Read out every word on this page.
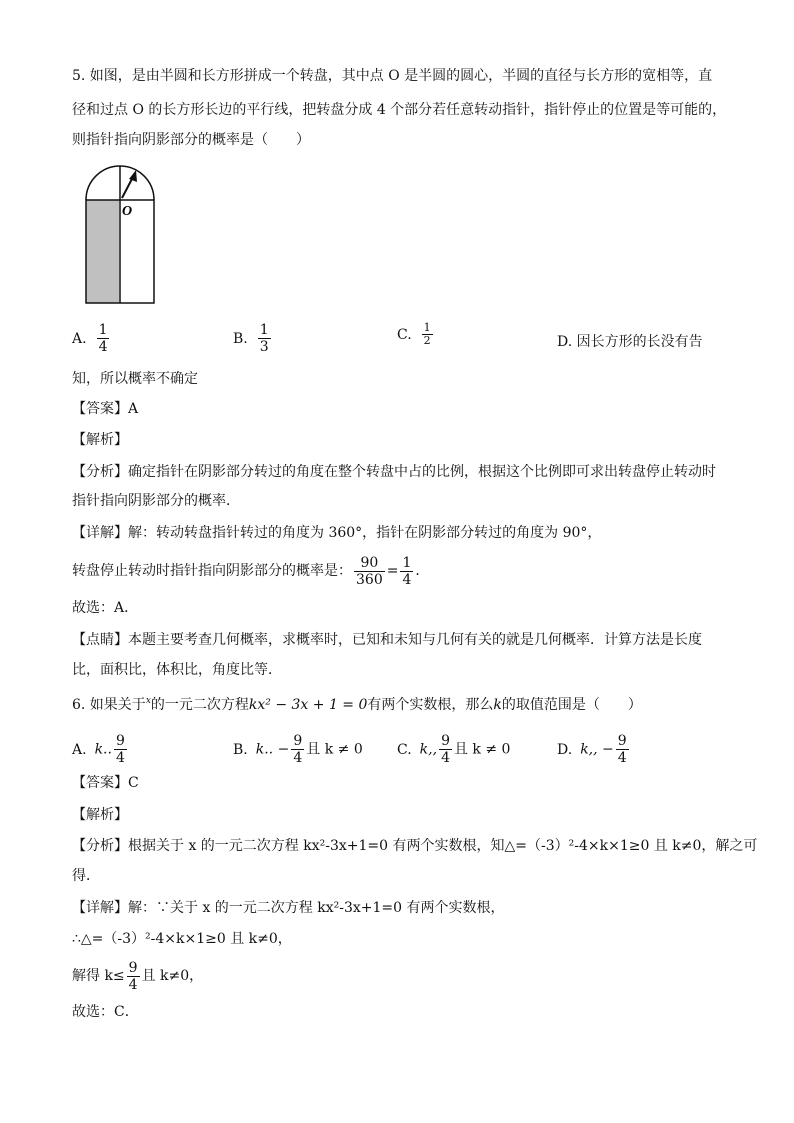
5. 如图，是由半圆和长方形拼成一个转盘，其中点 O 是半圆的圆心，半圆的直径与长方形的宽相等，直
径和过点 O 的长方形长边的平行线，把转盘分成 4 个部分若任意转动指针，指针停止的位置是等可能的，
则指针指向阴影部分的概率是（　　）
O
A. $\frac{1}{4}$	B. $\frac{1}{3}$	C. $\frac{1}{2}$	D. 因长方形的长没有告
知，所以概率不确定
【答案】A
【解析】
【分析】确定指针在阴影部分转过的角度在整个转盘中占的比例，根据这个比例即可求出转盘停止转动时
指针指向阴影部分的概率．
【详解】解：转动转盘指针转过的角度为 360°，指针在阴影部分转过的角度为 90°，
转盘停止转动时指针指向阴影部分的概率是： $\frac{90}{360} = \frac{1}{4}$ ．
故选：A．
【点睛】本题主要考查几何概率，求概率时，已知和未知与几何有关的就是几何概率．计算方法是长度
比，面积比，体积比，角度比等．
6. 如果关于$^x$的一元二次方程kx² − 3x + 1 = 0有两个实数根，那么k的取值范围是（　　）
A. k.. $\frac{9}{4}$	B. k.. − $\frac{9}{4}$ 且 k ≠ 0 C. k,, $\frac{9}{4}$ 且 k ≠ 0	D. k,, − $\frac{9}{4}$
【答案】C
【解析】
【分析】根据关于 x 的一元二次方程 kx²-3x+1=0 有两个实数根，知△=（-3）²-4×k×1≥0 且 k≠0，解之可
得．
【详解】解：∵关于 x 的一元二次方程 kx²-3x+1=0 有两个实数根，
∴△=（-3）²-4×k×1≥0 且 k≠0，
解得 $k\le \frac{9}{4}$ 且 k≠0，
故选：C．
